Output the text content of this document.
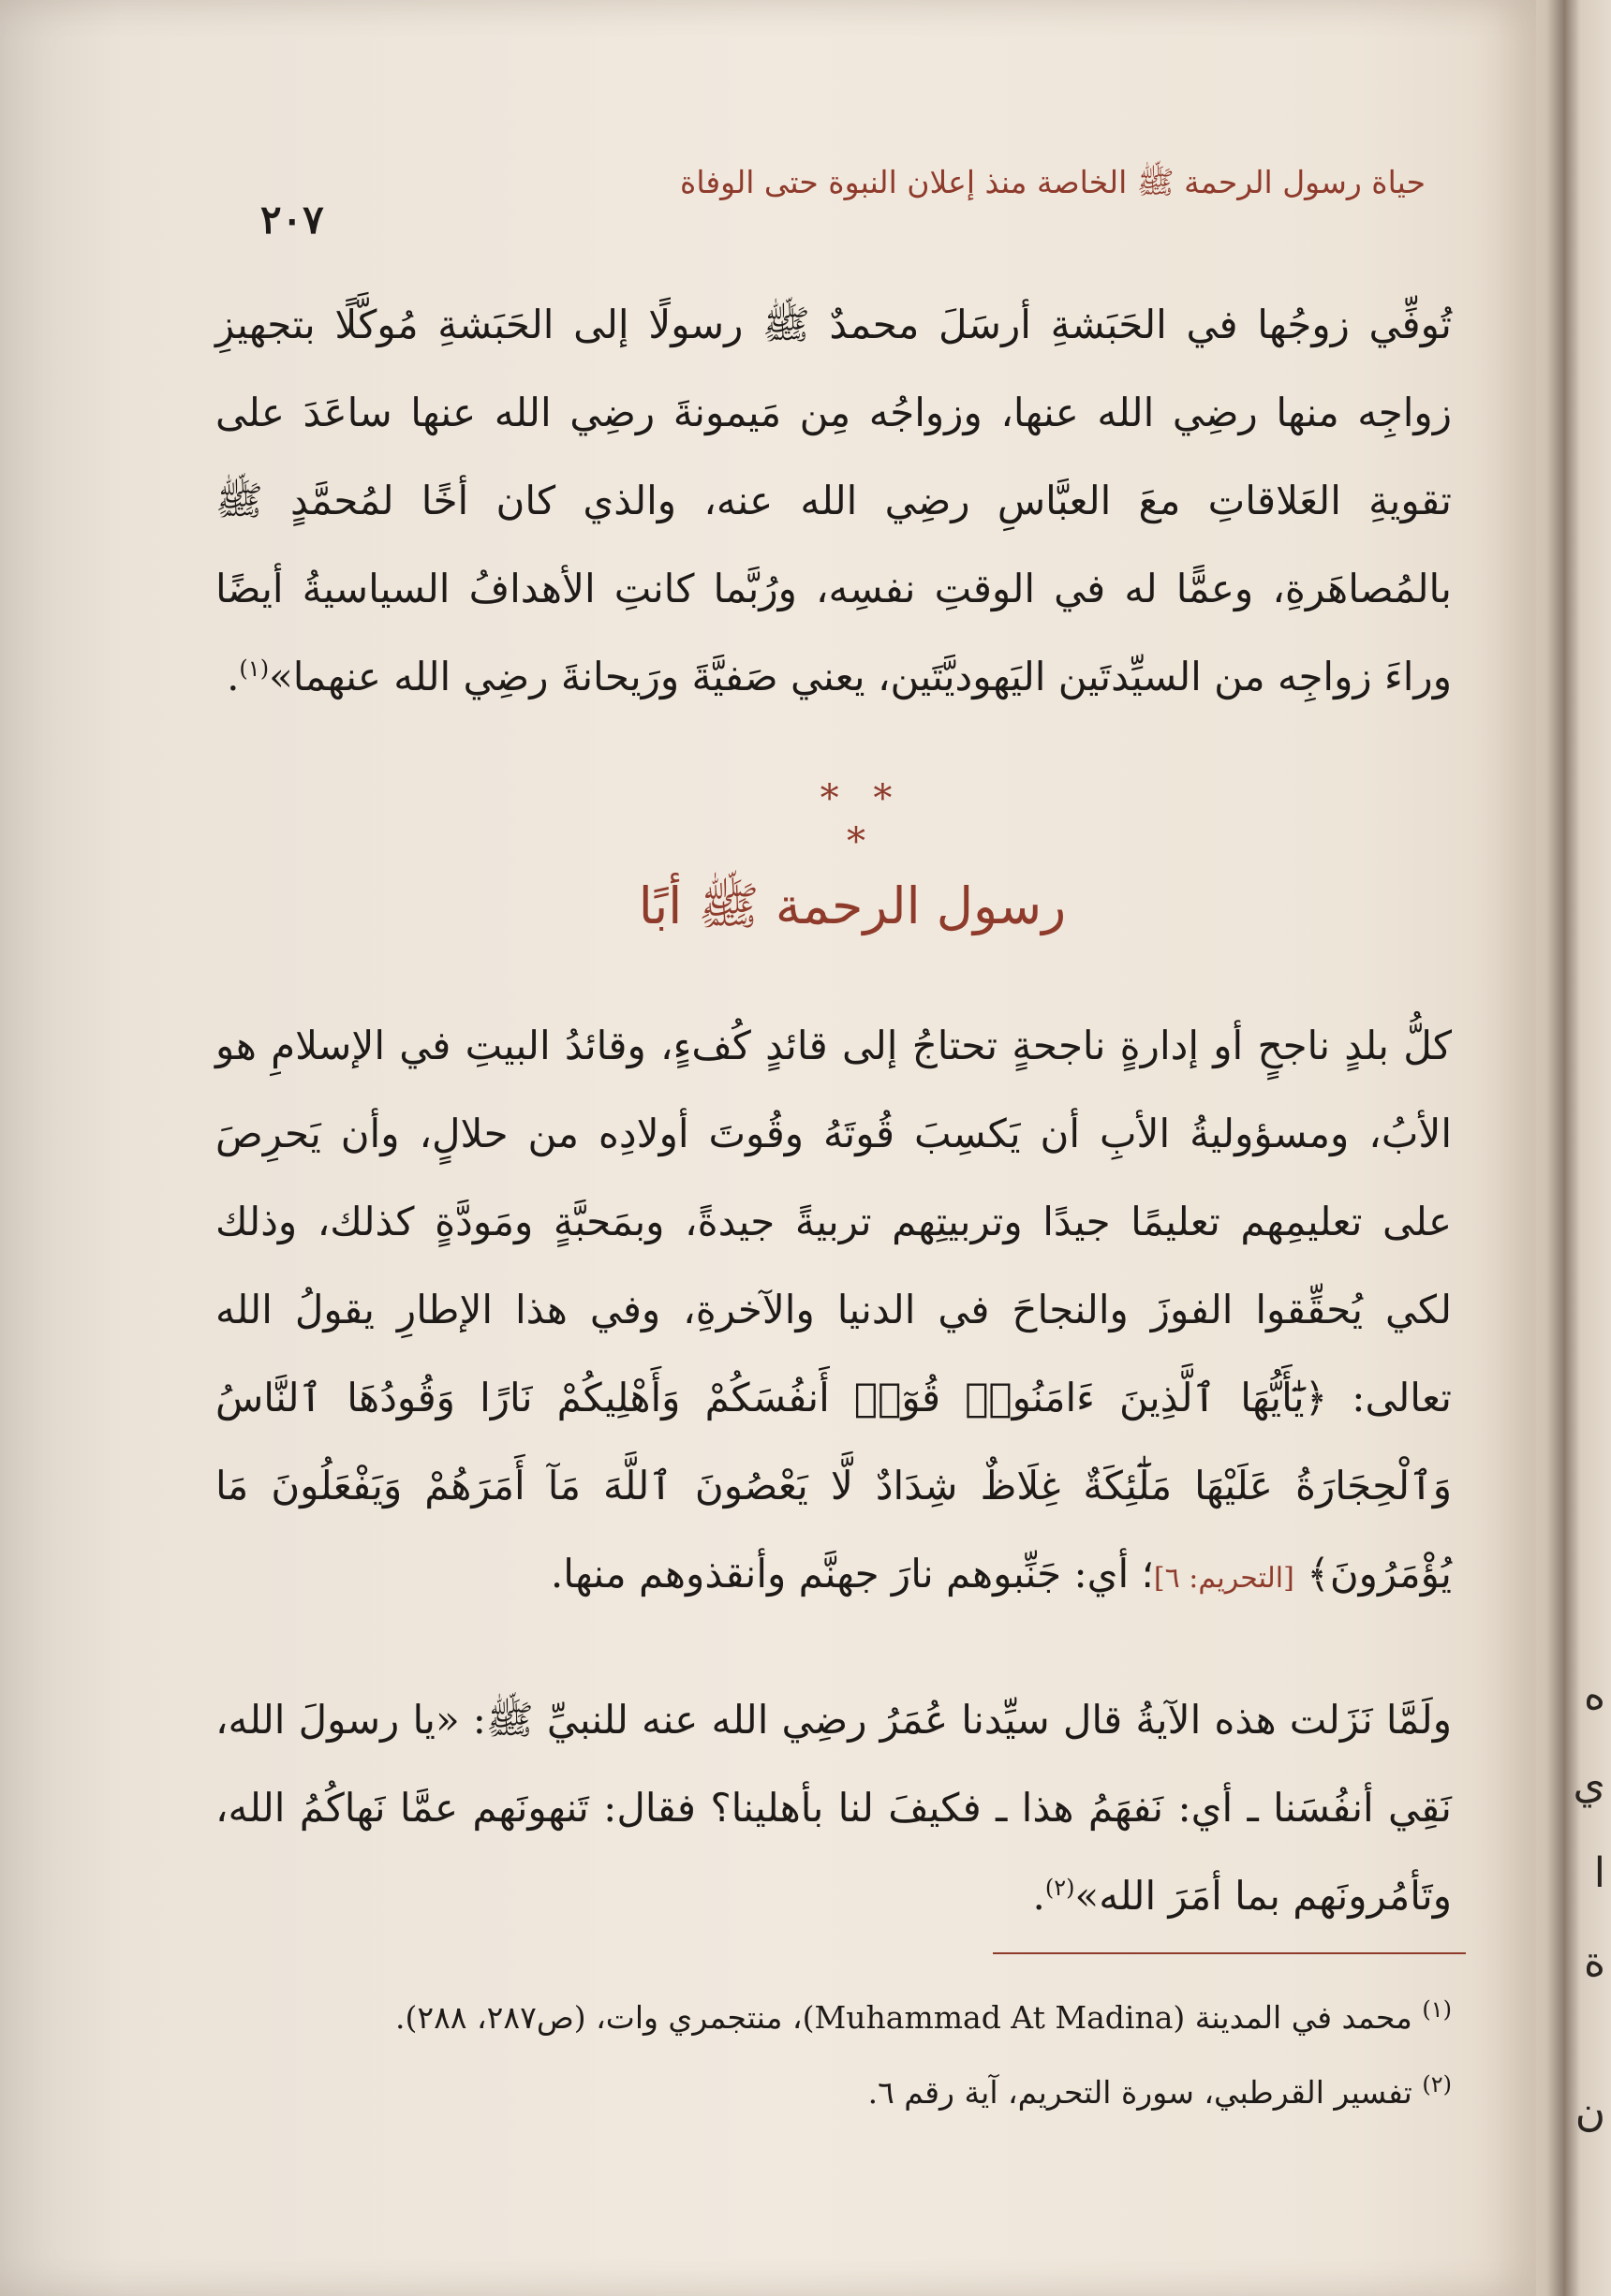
حياة رسول الرحمة ﷺ الخاصة منذ إعلان النبوة حتى الوفاة
٢٠٧

تُوفِّي زوجُها في الحَبَشةِ أرسَلَ محمدٌ ﷺ رسولًا إلى الحَبَشةِ مُوكَّلًا بتجهيزِ زواجِه منها رضِي الله عنها، وزواجُه مِن مَيمونةَ رضِي الله عنها ساعَدَ على تقويةِ العَلاقاتِ معَ العبَّاسِ رضِي الله عنه، والذي كان أخًا لمُحمَّدٍ ﷺ بالمُصاهَرةِ، وعمًّا له في الوقتِ نفسِه، ورُبَّما كانتِ الأهدافُ السياسيةُ أيضًا وراءَ زواجِه من السيِّدتَين اليَهوديَّتَين، يعني صَفيَّةَ ورَيحانةَ رضِي الله عنهما»$^{(١)}$.

* * *
رسول الرحمة ﷺ أبًا

كلُّ بلدٍ ناجحٍ أو إدارةٍ ناجحةٍ تحتاجُ إلى قائدٍ كُفءٍ، وقائدُ البيتِ في الإسلامِ هو الأبُ، ومسؤوليةُ الأبِ أن يَكسِبَ قُوتَهُ وقُوتَ أولادِه من حلالٍ، وأن يَحرِصَ على تعليمِهم تعليمًا جيدًا وتربيتِهم تربيةً جيدةً، وبمَحبَّةٍ ومَودَّةٍ كذلك، وذلك لكي يُحقِّقوا الفوزَ والنجاحَ في الدنيا والآخرةِ، وفي هذا الإطارِ يقولُ الله تعالى: ﴿يَٰٓأَيُّهَا ٱلَّذِينَ ءَامَنُوا۟ قُوٓا۟ أَنفُسَكُمْ وَأَهْلِيكُمْ نَارًا وَقُودُهَا ٱلنَّاسُ وَٱلْحِجَارَةُ عَلَيْهَا مَلَٰٓئِكَةٌ غِلَاظٌ شِدَادٌ لَّا يَعْصُونَ ٱللَّهَ مَآ أَمَرَهُمْ وَيَفْعَلُونَ مَا يُؤْمَرُونَ﴾ [التحريم: ٦]؛ أي: جَنِّبوهم نارَ جهنَّم وأنقذوهم منها.

ولَمَّا نَزَلت هذه الآيةُ قال سيِّدنا عُمَرُ رضِي الله عنه للنبيِّ ﷺ: «يا رسولَ الله، نَقِي أنفُسَنا ـ أي: نَفهَمُ هذا ـ فكيفَ لنا بأهلينا؟ فقال: تَنهونَهم عمَّا نَهاكُمُ الله، وتَأمُرونَهم بما أمَرَ الله»$^{(٢)}$.

$^{(١)}$ محمد في المدينة (Muhammad At Madina)، منتجمري وات، (ص٢٨٧، ٢٨٨).

$^{(٢)}$ تفسير القرطبي، سورة التحريم، آية رقم ٦.

ه
ي
ا
ة
ن
